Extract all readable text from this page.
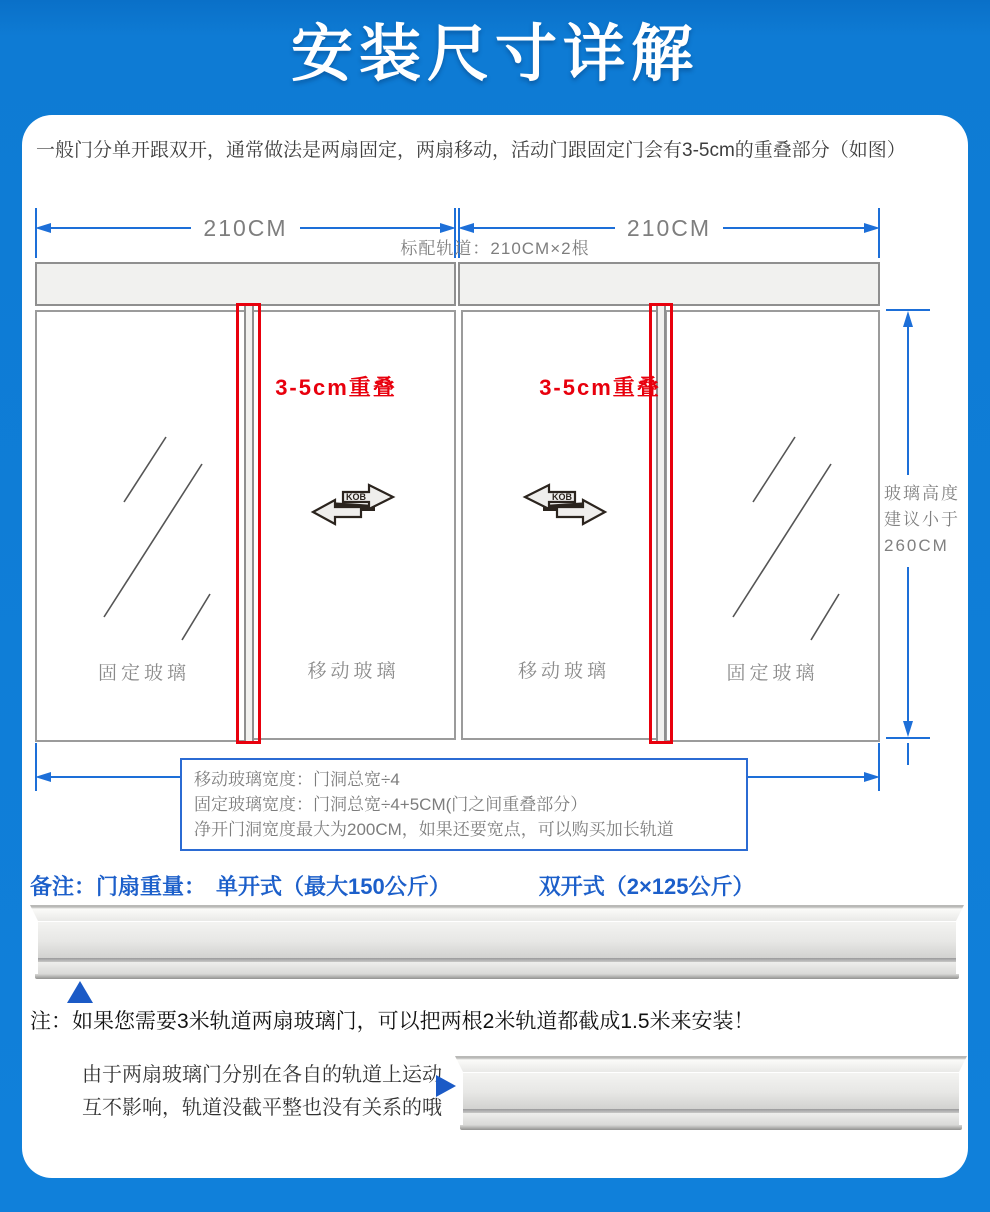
安装尺寸详解
一般门分单开跟双开，通常做法是两扇固定，两扇移动，活动门跟固定门会有3-5cm的重叠部分（如图）
210CM	210CM
标配轨道：210CM×2根
固定玻璃
KOB
移动玻璃
KOB
移动玻璃	固定玻璃
3-5cm重叠	3-5cm重叠
玻璃高度
建议小于
260CM
移动玻璃宽度：门洞总宽÷4
固定玻璃宽度：门洞总宽÷4+5CM(门之间重叠部分）
净开门洞宽度最大为200CM，如果还要宽点，可以购买加长轨道
备注：门扇重量： 单开式（最大150公斤）	双开式（2×125公斤）
注：如果您需要3米轨道两扇玻璃门，可以把两根2米轨道都截成1.5米来安装！
由于两扇玻璃门分别在各自的轨道上运动
互不影响，轨道没截平整也没有关系的哦
